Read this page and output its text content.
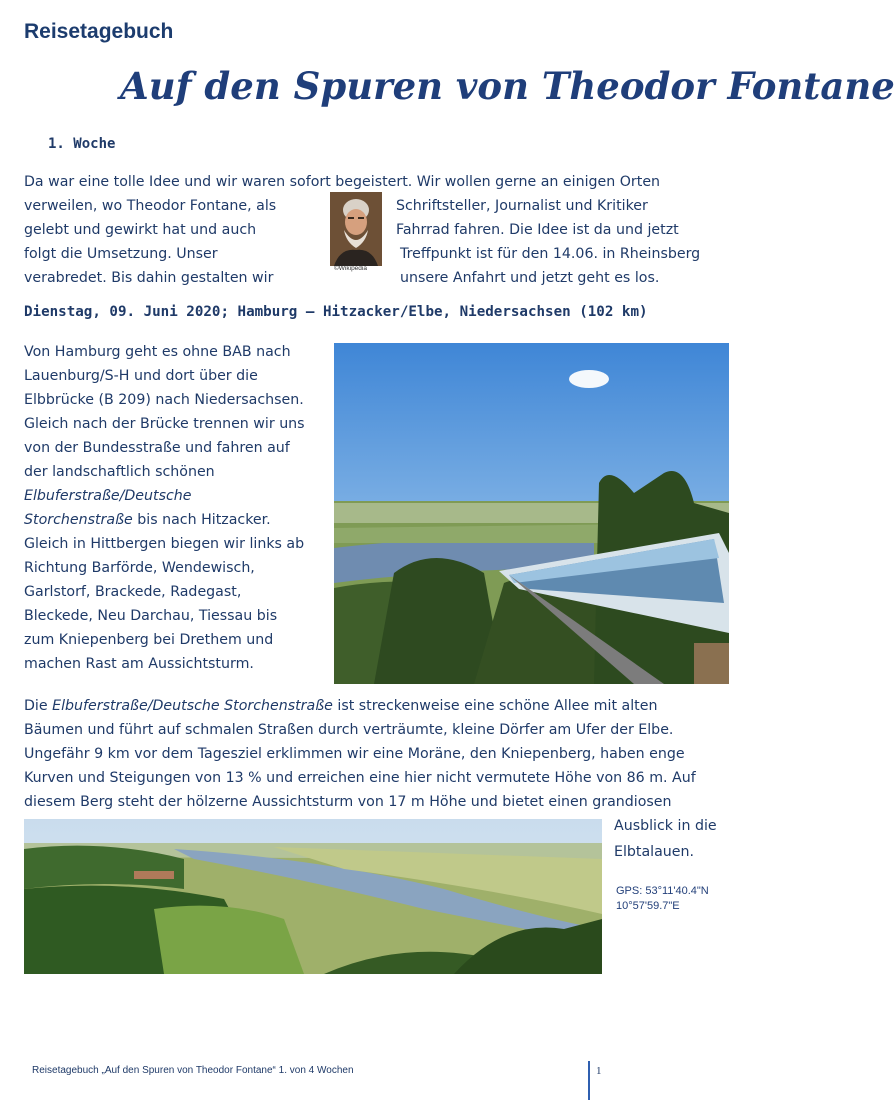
Reisetagebuch
Auf den Spuren von Theodor Fontane
1. Woche
Da war eine tolle Idee und wir waren sofort begeistert. Wir wollen gerne an einigen Orten
verweilen, wo Theodor Fontane, als	Schriftsteller, Journalist und Kritiker
gelebt und gewirkt hat und auch	Fahrrad fahren. Die Idee ist da und jetzt
folgt die Umsetzung. Unser	Treffpunkt ist für den 14.06. in Rheinsberg
verabredet. Bis dahin gestalten wir	unsere Anfahrt und jetzt geht es los.
©Wikipedia
Dienstag, 09. Juni 2020; Hamburg – Hitzacker/Elbe, Niedersachsen (102 km)
Von Hamburg geht es ohne BAB nach
Lauenburg/S-H und dort über die
Elbbrücke (B 209) nach Niedersachsen.
Gleich nach der Brücke trennen wir uns
von der Bundesstraße und fahren auf
der landschaftlich schönen
Elbuferstraße/Deutsche
Storchenstraße bis nach Hitzacker.
Gleich in Hittbergen biegen wir links ab
Richtung Barförde, Wendewisch,
Garlstorf, Brackede, Radegast,
Bleckede, Neu Darchau, Tiessau bis
zum Kniepenberg bei Drethem und
machen Rast am Aussichtsturm.
Die Elbuferstraße/Deutsche Storchenstraße ist streckenweise eine schöne Allee mit alten
Bäumen und führt auf schmalen Straßen durch verträumte, kleine Dörfer am Ufer der Elbe.
Ungefähr 9 km vor dem Tagesziel erklimmen wir eine Moräne, den Kniepenberg, haben enge
Kurven und Steigungen von 13 % und erreichen eine hier nicht vermutete Höhe von 86 m. Auf
diesem Berg steht der hölzerne Aussichtsturm von 17 m Höhe und bietet einen grandiosen
Ausblick in die
Elbtalauen.
GPS: 53°11'40.4"N
10°57'59.7"E
Reisetagebuch „Auf den Spuren von Theodor Fontane“ 1. von 4 Wochen	1
